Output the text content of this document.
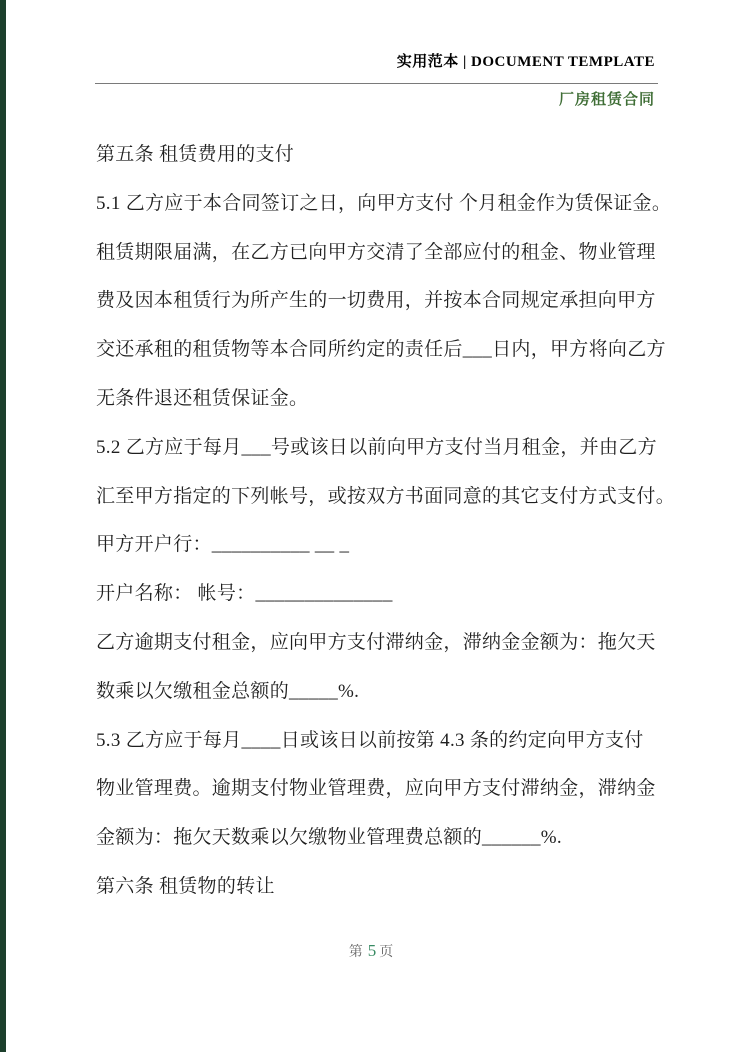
实用范本 | DOCUMENT TEMPLATE
厂房租赁合同
第五条 租赁费用的支付
5.1 乙方应于本合同签订之日，向甲方支付 个月租金作为赁保证金。
租赁期限届满，在乙方已向甲方交清了全部应付的租金、物业管理
费及因本租赁行为所产生的一切费用，并按本合同规定承担向甲方
交还承租的租赁物等本合同所约定的责任后___日内，甲方将向乙方
无条件退还租赁保证金。
5.2 乙方应于每月___号或该日以前向甲方支付当月租金，并由乙方
汇至甲方指定的下列帐号，或按双方书面同意的其它支付方式支付。
甲方开户行：__________ __ _
开户名称： 帐号：______________
乙方逾期支付租金，应向甲方支付滞纳金，滞纳金金额为：拖欠天
数乘以欠缴租金总额的_____%.
5.3 乙方应于每月____日或该日以前按第 4.3 条的约定向甲方支付
物业管理费。逾期支付物业管理费，应向甲方支付滞纳金，滞纳金
金额为：拖欠天数乘以欠缴物业管理费总额的______%.
第六条 租赁物的转让
第 5 页
